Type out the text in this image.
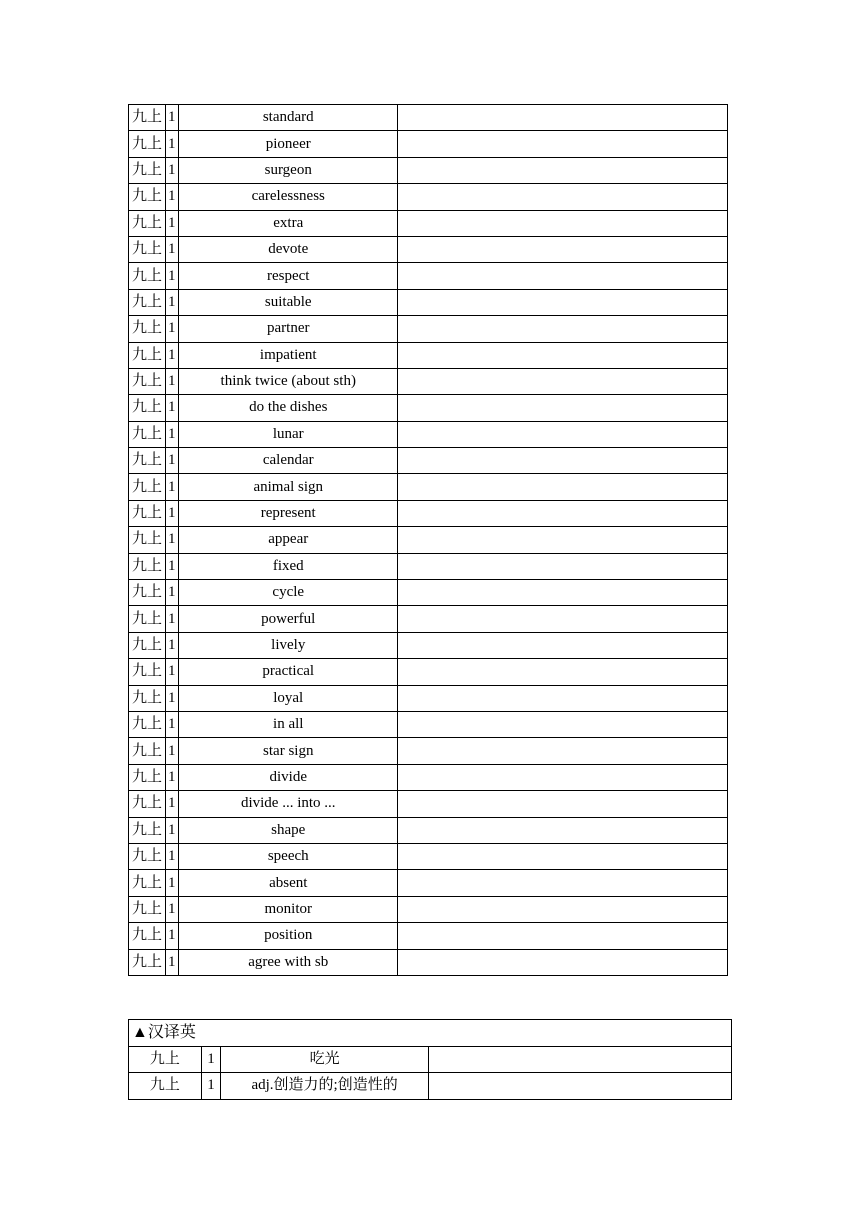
九上	1	standard	
九上	1	pioneer	
九上	1	surgeon	
九上	1	carelessness	
九上	1	extra	
九上	1	devote	
九上	1	respect	
九上	1	suitable	
九上	1	partner	
九上	1	impatient	
九上	1	think twice (about sth)	
九上	1	do the dishes	
九上	1	lunar	
九上	1	calendar	
九上	1	animal sign	
九上	1	represent	
九上	1	appear	
九上	1	fixed	
九上	1	cycle	
九上	1	powerful	
九上	1	lively	
九上	1	practical	
九上	1	loyal	
九上	1	in all	
九上	1	star sign	
九上	1	divide	
九上	1	divide ... into ...	
九上	1	shape	
九上	1	speech	
九上	1	absent	
九上	1	monitor	
九上	1	position	
九上	1	agree with sb	
▲汉译英			
九上	1	吃光	
九上	1	adj.创造力的;创造性的	
